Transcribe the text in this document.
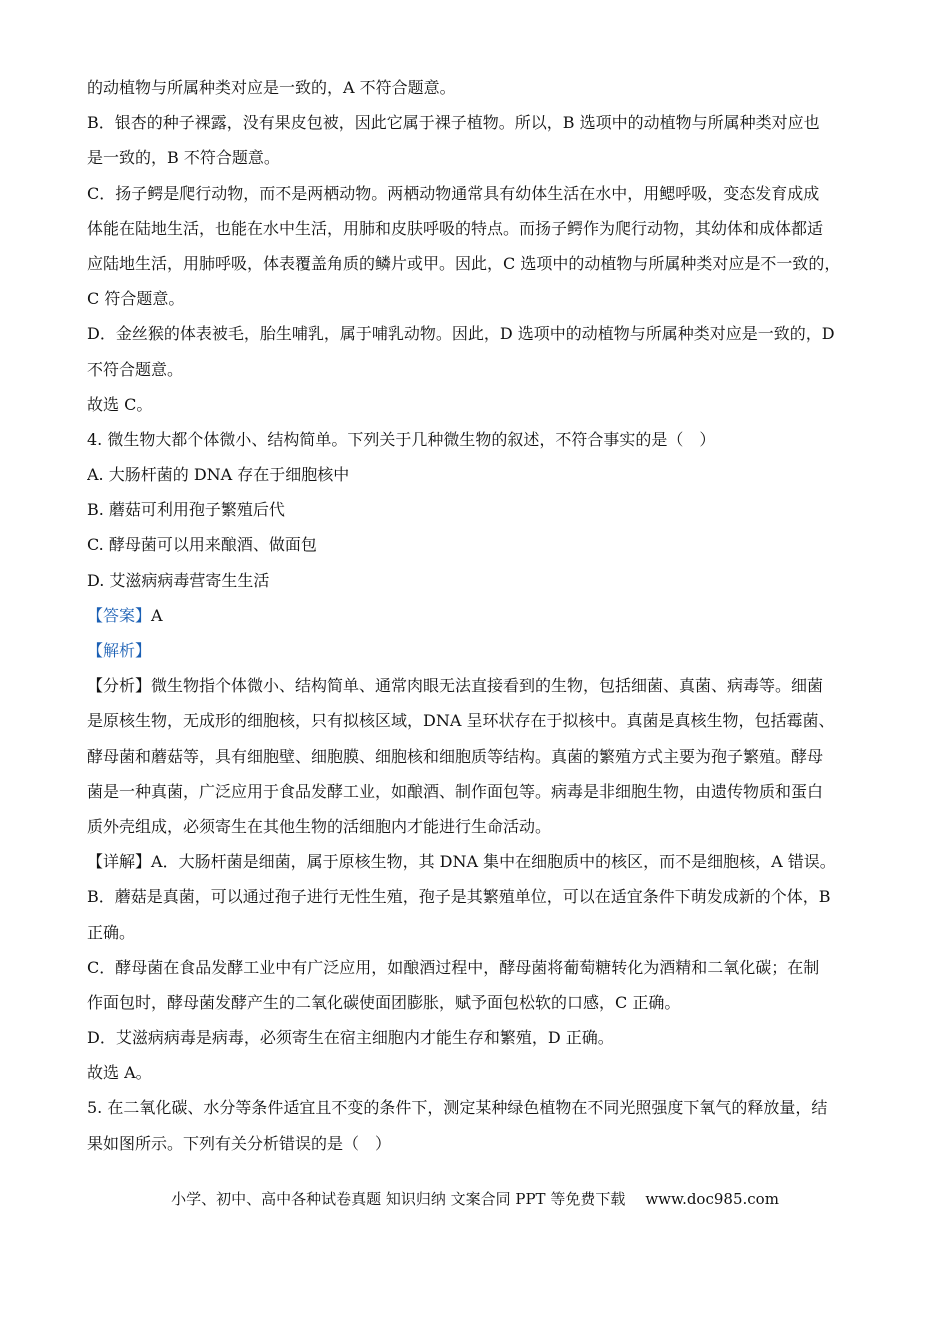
的动植物与所属种类对应是一致的，A 不符合题意。
B．银杏的种子裸露，没有果皮包被，因此它属于裸子植物。所以，B 选项中的动植物与所属种类对应也
是一致的，B 不符合题意。
C．扬子鳄是爬行动物，而不是两栖动物。两栖动物通常具有幼体生活在水中，用鳃呼吸，变态发育成成
体能在陆地生活，也能在水中生活，用肺和皮肤呼吸的特点。而扬子鳄作为爬行动物，其幼体和成体都适
应陆地生活，用肺呼吸，体表覆盖角质的鳞片或甲。因此，C 选项中的动植物与所属种类对应是不一致的，
C 符合题意。
D．金丝猴的体表被毛，胎生哺乳，属于哺乳动物。因此，D 选项中的动植物与所属种类对应是一致的，D
不符合题意。
故选 C。
4. 微生物大都个体微小、结构简单。下列关于几种微生物的叙述，不符合事实的是（　）
A. 大肠杆菌的 DNA 存在于细胞核中
B. 蘑菇可利用孢子繁殖后代
C. 酵母菌可以用来酿酒、做面包
D. 艾滋病病毒营寄生生活
【答案】A
【解析】
【分析】微生物指个体微小、结构简单、通常肉眼无法直接看到的生物，包括细菌、真菌、病毒等。细菌
是原核生物，无成形的细胞核，只有拟核区域，DNA 呈环状存在于拟核中。真菌是真核生物，包括霉菌、
酵母菌和蘑菇等，具有细胞壁、细胞膜、细胞核和细胞质等结构。真菌的繁殖方式主要为孢子繁殖。酵母
菌是一种真菌，广泛应用于食品发酵工业，如酿酒、制作面包等。病毒是非细胞生物，由遗传物质和蛋白
质外壳组成，必须寄生在其他生物的活细胞内才能进行生命活动。
【详解】A．大肠杆菌是细菌，属于原核生物，其 DNA 集中在细胞质中的核区，而不是细胞核，A 错误。
B．蘑菇是真菌，可以通过孢子进行无性生殖，孢子是其繁殖单位，可以在适宜条件下萌发成新的个体，B
正确。
C．酵母菌在食品发酵工业中有广泛应用，如酿酒过程中，酵母菌将葡萄糖转化为酒精和二氧化碳；在制
作面包时，酵母菌发酵产生的二氧化碳使面团膨胀，赋予面包松软的口感，C 正确。
D．艾滋病病毒是病毒，必须寄生在宿主细胞内才能生存和繁殖，D 正确。
故选 A。
5. 在二氧化碳、水分等条件适宜且不变的条件下，测定某种绿色植物在不同光照强度下氧气的释放量，结
果如图所示。下列有关分析错误的是（　）
小学、初中、高中各种试卷真题 知识归纳 文案合同 PPT 等免费下载 www.doc985.com
